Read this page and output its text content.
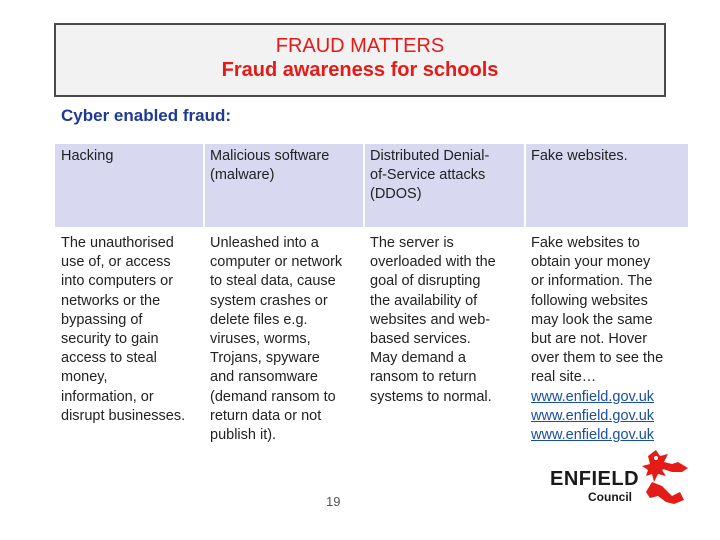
FRAUD MATTERS
Fraud awareness for schools
Cyber enabled fraud:
Hacking	Malicious software
(malware)
Distributed Denial-
of-Service attacks
(DDOS)
Fake websites.
The unauthorised
use of, or access
into computers or
networks or the
bypassing of
security to gain
access to steal
money,
information, or
disrupt businesses.
Unleashed into a
computer or network
to steal data, cause
system crashes or
delete files e.g.
viruses, worms,
Trojans, spyware
and ransomware
(demand ransom to
return data or not
publish it).
The server is
overloaded with the
goal of disrupting
the availability of
websites and web-
based services.
May demand a
ransom to return
systems to normal.
Fake websites to
obtain your money
or information. The
following websites
may look the same
but are not. Hover
over them to see the
real site…
www.enfield.gov.uk
www.enfield.gov.uk
www.enfield.gov.uk
19
ENFIELD
Council
